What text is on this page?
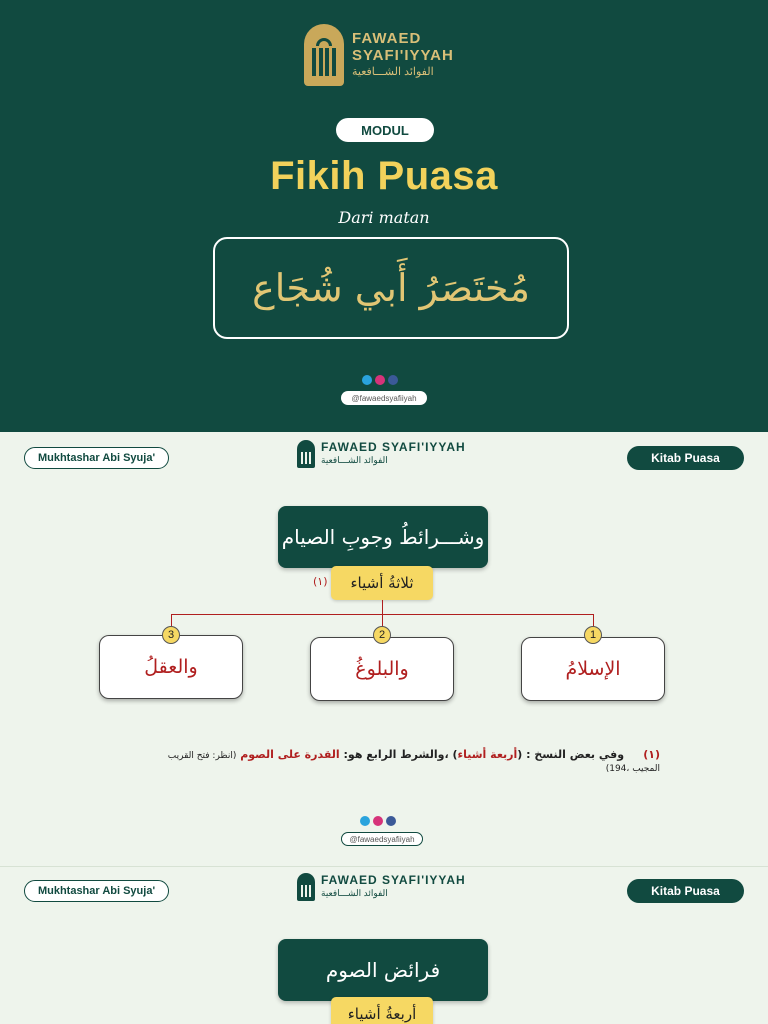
FAWAED
SYAFI'IYYAH
الفوائد الشـــافعية
MODUL
Fikih Puasa
Dari matan
مُختَصَرُ أَبي شُجَاع
@fawaedsyafiiyah
Mukhtashar Abi Syuja'
FAWAED SYAFI'IYYAH
الفوائد الشـــافعية	Kitab Puasa
وشـــرائطُ وجوبِ الصيام
ثلاثةُ أشياء
(١)
الإسلامُ
1
والبلوغُ
2
والعقلُ
3
(١)     وفي بعض النسخ : (أربعة أشياء) ،والشرط الرابع هو: القدرة على الصوم (انظر: فتح القريب المجيب ،194)
@fawaedsyafiiyah
Mukhtashar Abi Syuja'
FAWAED SYAFI'IYYAH
الفوائد الشـــافعية	Kitab Puasa
فرائض الصوم
أربعةُ أشياء
